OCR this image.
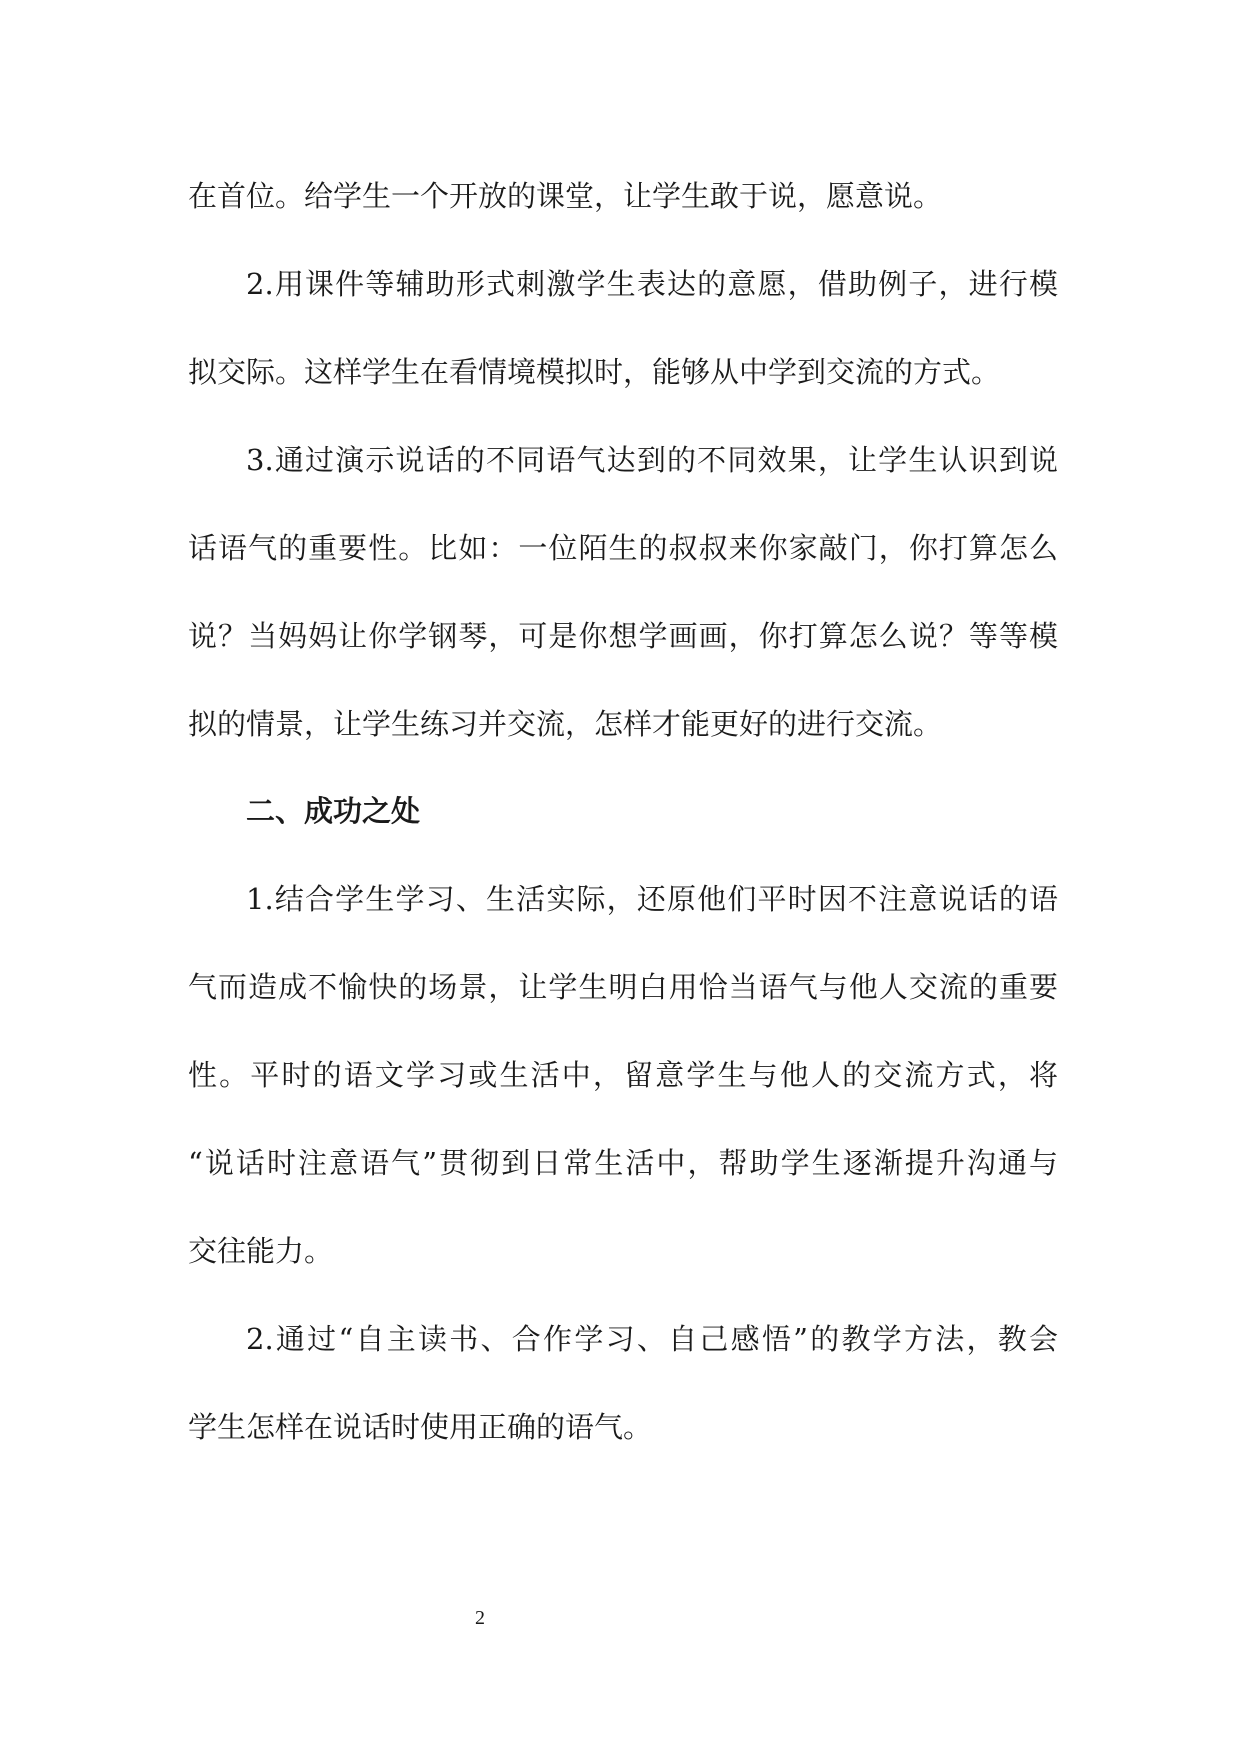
在首位。给学生一个开放的课堂，让学生敢于说，愿意说。

2.用课件等辅助形式刺激学生表达的意愿，借助例子，进行模

拟交际。这样学生在看情境模拟时，能够从中学到交流的方式。

3.通过演示说话的不同语气达到的不同效果，让学生认识到说

话语气的重要性。比如：一位陌生的叔叔来你家敲门，你打算怎么

说？当妈妈让你学钢琴，可是你想学画画，你打算怎么说？等等模

拟的情景，让学生练习并交流，怎样才能更好的进行交流。

二、成功之处

1.结合学生学习、生活实际，还原他们平时因不注意说话的语

气而造成不愉快的场景，让学生明白用恰当语气与他人交流的重要

性。平时的语文学习或生活中，留意学生与他人的交流方式，将

“说话时注意语气”贯彻到日常生活中，帮助学生逐渐提升沟通与

交往能力。

2.通过“自主读书、合作学习、自己感悟”的教学方法，教会

学生怎样在说话时使用正确的语气。

2
